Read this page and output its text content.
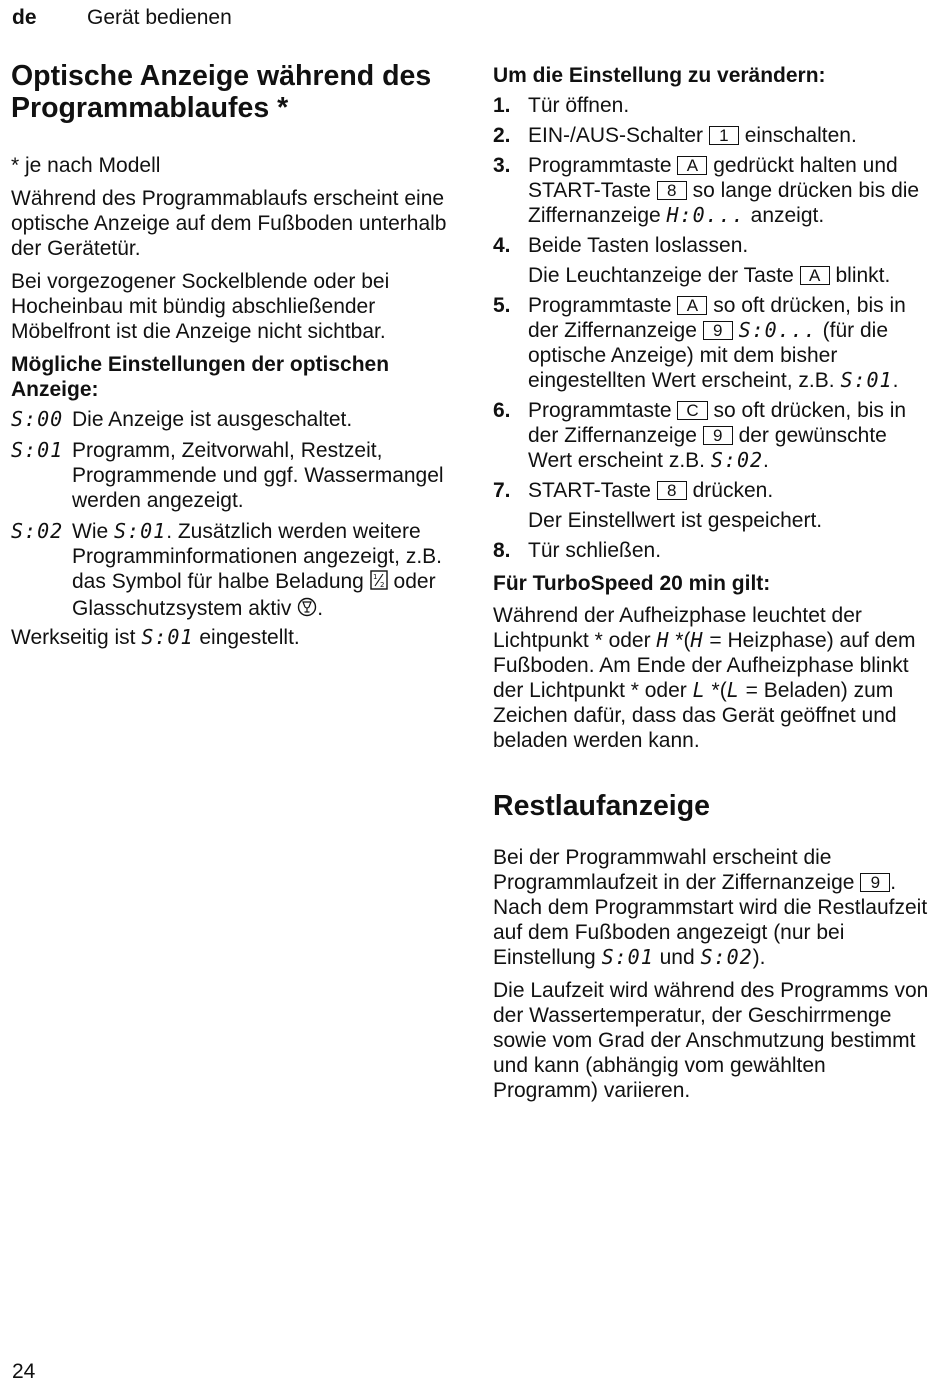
de Gerät bedienen
Optische Anzeige während des Programmablaufes *

* je nach Modell

Während des Programmablaufs erscheint eine optische Anzeige auf dem Fußboden unterhalb der Gerätetür.

Bei vorgezogener Sockelblende oder bei Hocheinbau mit bündig abschließender Möbelfront ist die Anzeige nicht sichtbar.

Mögliche Einstellungen der optischen Anzeige:
S:00 Die Anzeige ist ausgeschaltet.
S:01 Programm, Zeitvorwahl, Restzeit, Programmende und ggf. Wassermangel werden angezeigt.
S:02 Wie S:01. Zusätzlich werden weitere Programminformationen angezeigt, z.B. das Symbol für halbe Beladung 1
2 oder Glasschutzsystem aktiv .

Werkseitig ist S:01 eingestellt.

Um die Einstellung zu verändern:
1. Tür öffnen.
2. EIN-/AUS-Schalter 1 einschalten.
3. Programmtaste A gedrückt halten und START-Taste 8 so lange drücken bis die Ziffernanzeige H:0... anzeigt.
4. Beide Tasten loslassen.
Die Leuchtanzeige der Taste A blinkt.
5. Programmtaste A so oft drücken, bis in der Ziffernanzeige 9 S:0... (für die optische Anzeige) mit dem bisher eingestellten Wert erscheint, z.B. S:01.
6. Programmtaste C so oft drücken, bis in der Ziffernanzeige 9 der gewünschte Wert erscheint z.B. S:02.
7. START-Taste 8 drücken.
Der Einstellwert ist gespeichert.
8. Tür schließen.
Für TurboSpeed 20 min gilt:

Während der Aufheizphase leuchtet der Lichtpunkt * oder H *(H = Heizphase) auf dem Fußboden. Am Ende der Aufheizphase blinkt der Lichtpunkt * oder L *(L = Beladen) zum Zeichen dafür, dass das Gerät geöffnet und beladen werden kann.

Restlaufanzeige

Bei der Programmwahl erscheint die Programmlaufzeit in der Ziffernanzeige 9 . Nach dem Programmstart wird die Restlaufzeit auf dem Fußboden angezeigt (nur bei Einstellung S:01 und S:02).

Die Laufzeit wird während des Programms von der Wassertemperatur, der Geschirrmenge sowie vom Grad der Anschmutzung bestimmt und kann (abhängig vom gewählten Programm) variieren.

24
